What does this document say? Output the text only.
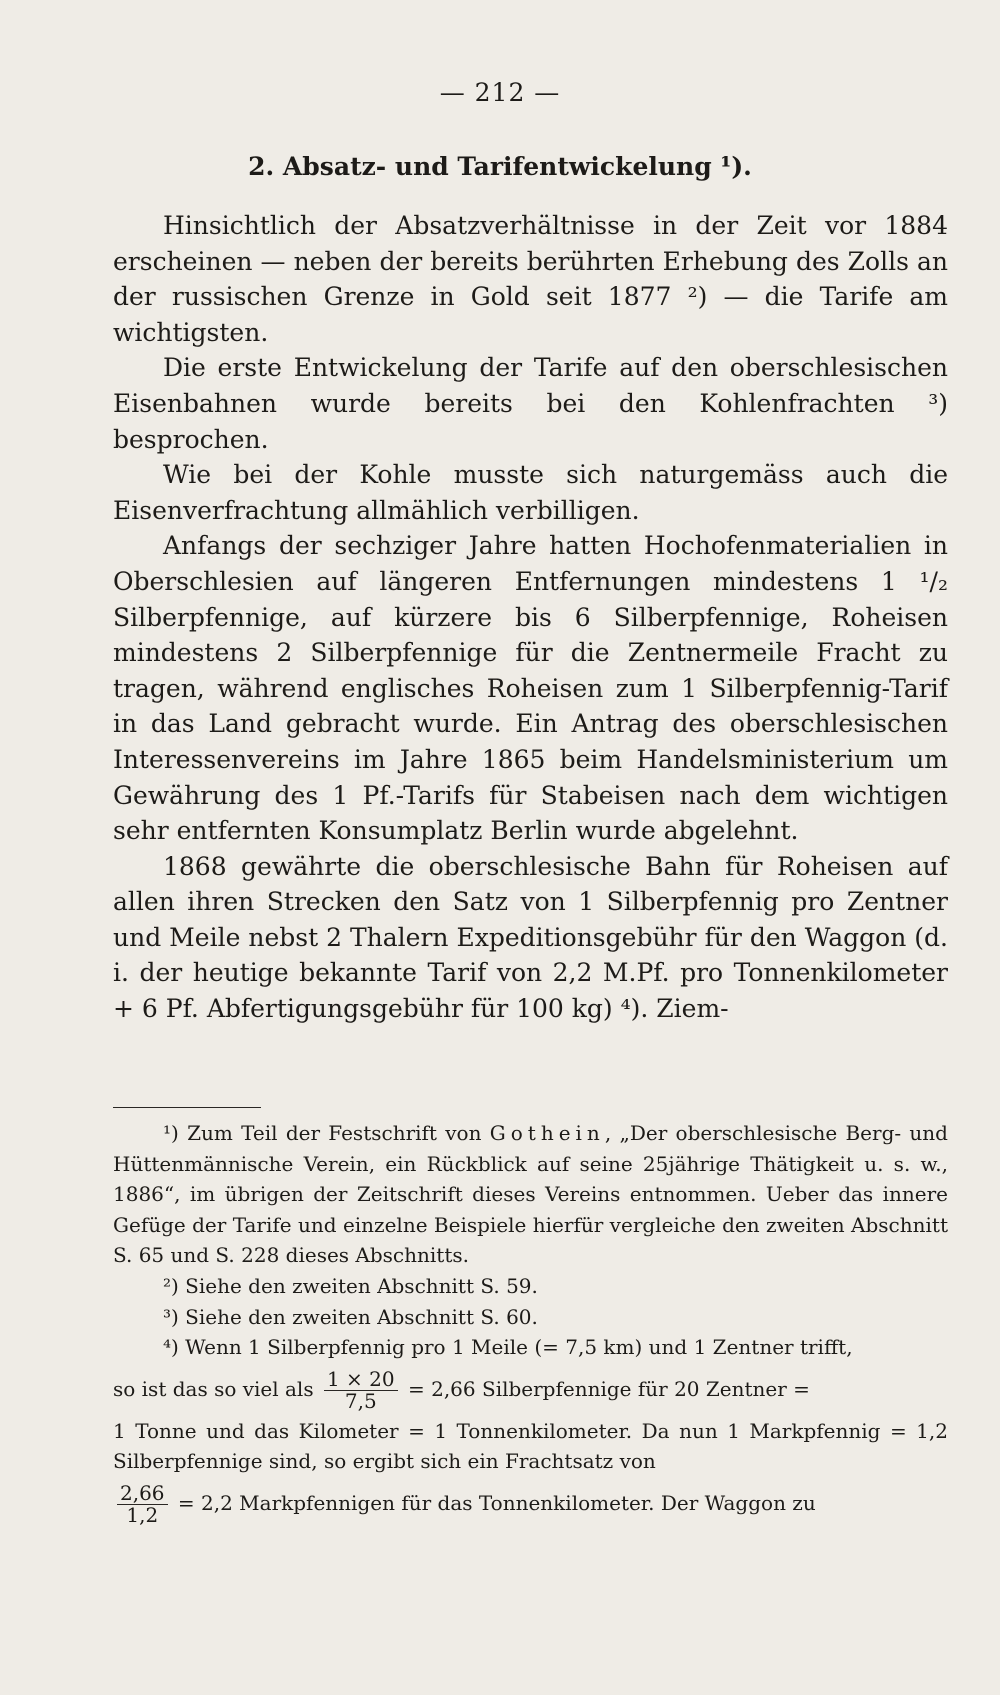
— 212 —
2. Absatz- und Tarifentwickelung ¹).

Hinsichtlich der Absatzverhältnisse in der Zeit vor 1884 erscheinen — neben der bereits berührten Erhebung des Zolls an der russischen Grenze in Gold seit 1877 ²) — die Tarife am wichtigsten.

Die erste Entwickelung der Tarife auf den oberschlesischen Eisenbahnen wurde bereits bei den Kohlenfrachten ³) besprochen.

Wie bei der Kohle musste sich naturgemäss auch die Eisenverfrachtung allmählich verbilligen.

Anfangs der sechziger Jahre hatten Hochofenmaterialien in Oberschlesien auf längeren Entfernungen mindestens 1 ¹/₂ Silberpfennige, auf kürzere bis 6 Silberpfennige, Roheisen mindestens 2 Silberpfennige für die Zentnermeile Fracht zu tragen, während englisches Roheisen zum 1 Silberpfennig-Tarif in das Land gebracht wurde. Ein Antrag des oberschlesischen Interessenvereins im Jahre 1865 beim Handelsministerium um Gewährung des 1 Pf.-Tarifs für Stabeisen nach dem wichtigen sehr entfernten Konsumplatz Berlin wurde abgelehnt.

1868 gewährte die oberschlesische Bahn für Roheisen auf allen ihren Strecken den Satz von 1 Silberpfennig pro Zentner und Meile nebst 2 Thalern Expeditionsgebühr für den Waggon (d. i. der heutige bekannte Tarif von 2,2 M.Pf. pro Tonnenkilometer + 6 Pf. Abfertigungsgebühr für 100 kg) ⁴). Ziem-

¹) Zum Teil der Festschrift von Gothein, „Der oberschlesische Berg- und Hüttenmännische Verein, ein Rückblick auf seine 25jährige Thätigkeit u. s. w., 1886“, im übrigen der Zeitschrift dieses Vereins entnommen. Ueber das innere Gefüge der Tarife und einzelne Beispiele hierfür vergleiche den zweiten Abschnitt S. 65 und S. 228 dieses Abschnitts.

²) Siehe den zweiten Abschnitt S. 59.

³) Siehe den zweiten Abschnitt S. 60.

⁴) Wenn 1 Silberpfennig pro 1 Meile (= 7,5 km) und 1 Zentner trifft,

so ist das so viel als $\frac{1 \times 20}{7,5} = 2,66$ Silberpfennige für 20 Zentner =

1 Tonne und das Kilometer = 1 Tonnenkilometer. Da nun 1 Markpfennig = 1,2 Silberpfennige sind, so ergibt sich ein Frachtsatz von

$\frac{2,66}{1,2} = 2,2$ Markpfennigen für das Tonnenkilometer. Der Waggon zu
